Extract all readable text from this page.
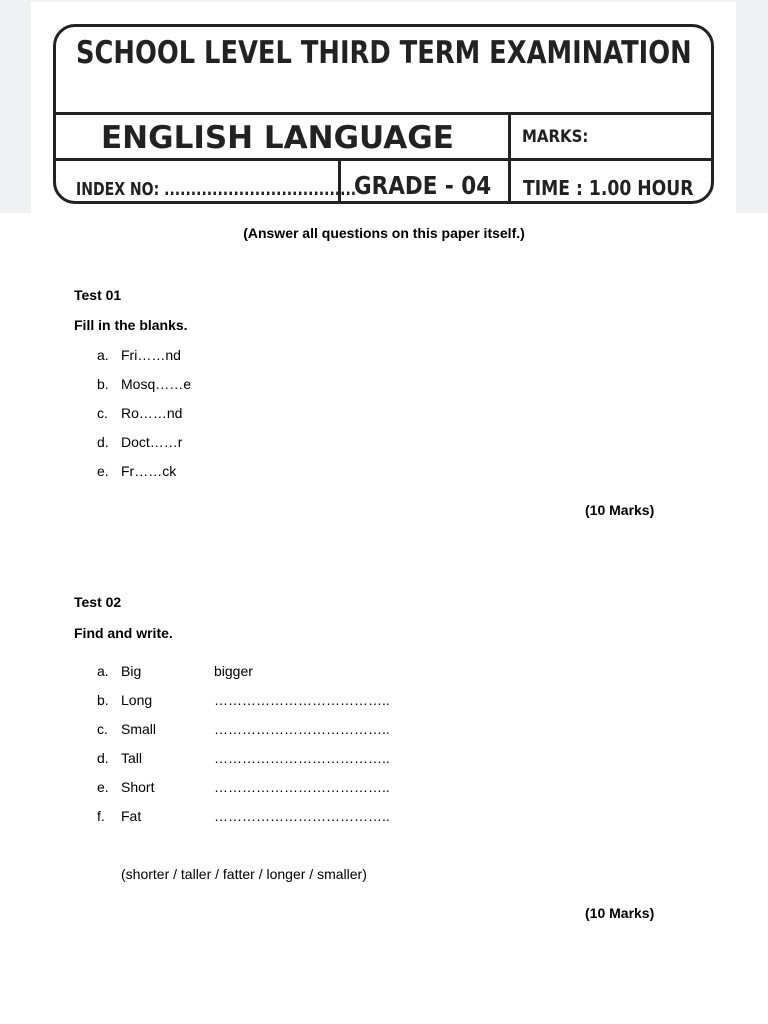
SCHOOL LEVEL THIRD TERM EXAMINATION
ENGLISH LANGUAGE	MARKS:
INDEX NO: ....................................
GRADE - 04 TIME : 1.00 HOUR
(Answer all questions on this paper itself.)
Test 01
Fill in the blanks.
a. Fri……nd
b. Mosq……e
c. Ro……nd
d. Doct……r
e. Fr……ck
(10 Marks)
Test 02
Find and write.
a. Big	bigger
b. Long	………………………………..
c. Small	………………………………..
d. Tall	………………………………..
e. Short	………………………………..
f. Fat	………………………………..
(shorter / taller / fatter / longer / smaller)
(10 Marks)
